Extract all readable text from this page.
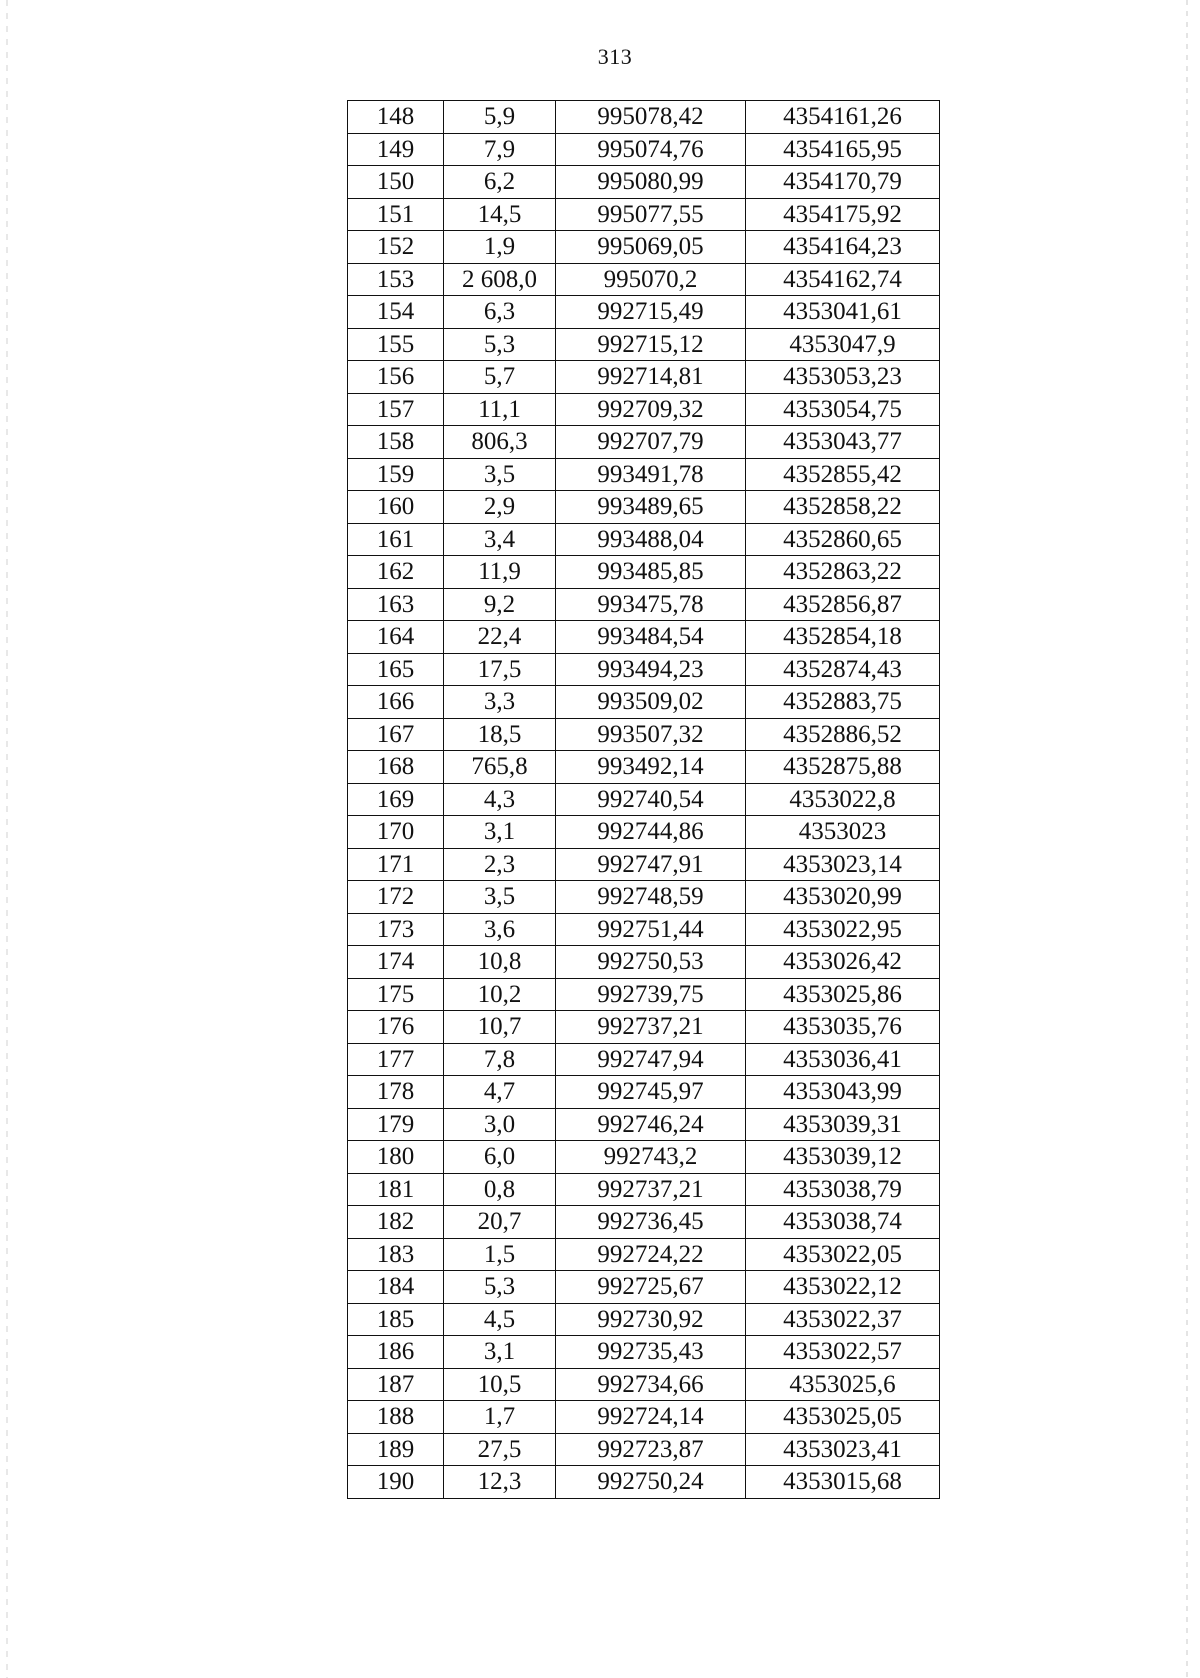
313
148	5,9	995078,42	4354161,26
149	7,9	995074,76	4354165,95
150	6,2	995080,99	4354170,79
151	14,5	995077,55	4354175,92
152	1,9	995069,05	4354164,23
153	2 608,0	995070,2	4354162,74
154	6,3	992715,49	4353041,61
155	5,3	992715,12	4353047,9
156	5,7	992714,81	4353053,23
157	11,1	992709,32	4353054,75
158	806,3	992707,79	4353043,77
159	3,5	993491,78	4352855,42
160	2,9	993489,65	4352858,22
161	3,4	993488,04	4352860,65
162	11,9	993485,85	4352863,22
163	9,2	993475,78	4352856,87
164	22,4	993484,54	4352854,18
165	17,5	993494,23	4352874,43
166	3,3	993509,02	4352883,75
167	18,5	993507,32	4352886,52
168	765,8	993492,14	4352875,88
169	4,3	992740,54	4353022,8
170	3,1	992744,86	4353023
171	2,3	992747,91	4353023,14
172	3,5	992748,59	4353020,99
173	3,6	992751,44	4353022,95
174	10,8	992750,53	4353026,42
175	10,2	992739,75	4353025,86
176	10,7	992737,21	4353035,76
177	7,8	992747,94	4353036,41
178	4,7	992745,97	4353043,99
179	3,0	992746,24	4353039,31
180	6,0	992743,2	4353039,12
181	0,8	992737,21	4353038,79
182	20,7	992736,45	4353038,74
183	1,5	992724,22	4353022,05
184	5,3	992725,67	4353022,12
185	4,5	992730,92	4353022,37
186	3,1	992735,43	4353022,57
187	10,5	992734,66	4353025,6
188	1,7	992724,14	4353025,05
189	27,5	992723,87	4353023,41
190	12,3	992750,24	4353015,68
